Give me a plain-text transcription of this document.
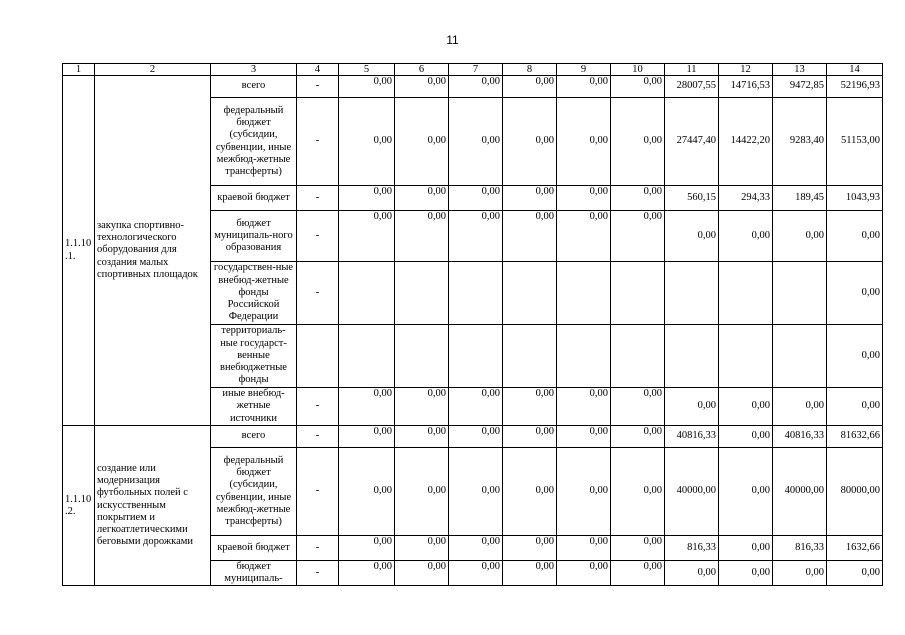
11
1	2	3	4	5	6	7	8	9	10	11	12	13	14
1.1.10
.1.	закупка спортивно-технологического оборудования для создания малых спортивных площадок	всего	-	0,00	0,00	0,00	0,00	0,00	0,00	28007,55	14716,53	9472,85	52196,93
		федеральный бюджет (субсидии, субвенции, иные межбюд-жетные трансферты)	-	0,00	0,00	0,00	0,00	0,00	0,00	27447,40	14422,20	9283,40	51153,00
		краевой бюджет	-	0,00	0,00	0,00	0,00	0,00	0,00	560,15	294,33	189,45	1043,93
		бюджет муниципаль-ного образования	-	0,00	0,00	0,00	0,00	0,00	0,00	0,00	0,00	0,00	0,00
		государствен-ные внебюд-жетные фонды Российской Федерации	-										0,00
		территориаль-ные государст-венные внебюджетные фонды											0,00
		иные внебюд-жетные источники	-	0,00	0,00	0,00	0,00	0,00	0,00	0,00	0,00	0,00	0,00
1.1.10
.2.	создание или модернизация футбольных полей с искусственным покрытием и легкоатлетическими беговыми дорожками	всего	-	0,00	0,00	0,00	0,00	0,00	0,00	40816,33	0,00	40816,33	81632,66
		федеральный бюджет (субсидии, субвенции, иные межбюд-жетные трансферты)	-	0,00	0,00	0,00	0,00	0,00	0,00	40000,00	0,00	40000,00	80000,00
		краевой бюджет	-	0,00	0,00	0,00	0,00	0,00	0,00	816,33	0,00	816,33	1632,66
		бюджет муниципаль-	-	0,00	0,00	0,00	0,00	0,00	0,00	0,00	0,00	0,00	0,00
